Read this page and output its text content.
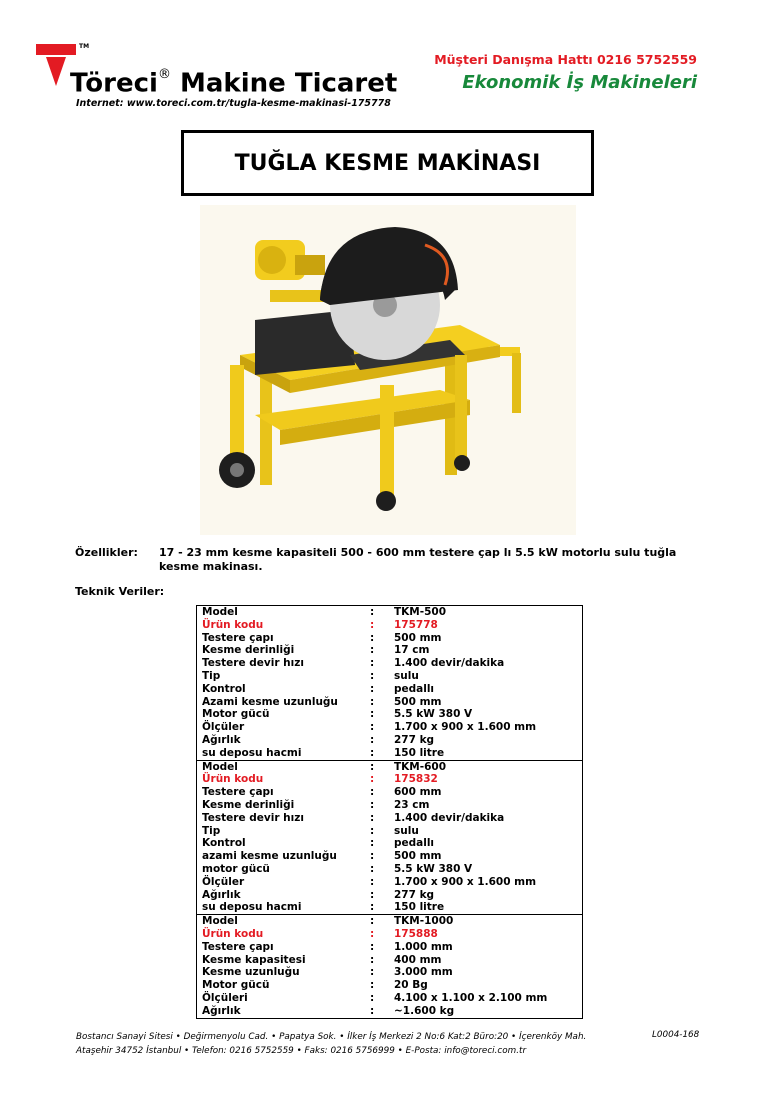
TM
Töreci® Makine Ticaret
Internet: www.toreci.com.tr/tugla-kesme-makinasi-175778
Müşteri Danışma Hattı 0216 5752559
Ekonomik İş Makineleri
TUĞLA KESME MAKİNASI
Özellikler: 17 - 23 mm kesme kapasiteli 500 - 600 mm testere çap lı 5.5 kW motorlu sulu tuğla kesme makinası.
Teknik Veriler:
Model	:	TKM-500
Ürün kodu	:	175778
Testere çapı	:	500 mm
Kesme derinliği	:	17 cm
Testere devir hızı	:	1.400 devir/dakika
Tip	:	sulu
Kontrol	:	pedallı
Azami kesme uzunluğu	:	500 mm
Motor gücü	:	5.5 kW 380 V
Ölçüler	:	1.700 x 900 x 1.600 mm
Ağırlık	:	277 kg
su deposu hacmi	:	150 litre
Model	:	TKM-600
Ürün kodu	:	175832
Testere çapı	:	600 mm
Kesme derinliği	:	23 cm
Testere devir hızı	:	1.400 devir/dakika
Tip	:	sulu
Kontrol	:	pedallı
azami kesme uzunluğu	:	500 mm
motor gücü	:	5.5 kW 380 V
Ölçüler	:	1.700 x 900 x 1.600 mm
Ağırlık	:	277 kg
su deposu hacmi	:	150 litre
Model	:	TKM-1000
Ürün kodu	:	175888
Testere çapı	:	1.000 mm
Kesme kapasitesi	:	400 mm
Kesme uzunluğu	:	3.000 mm
Motor gücü	:	20 Bg
Ölçüleri	:	4.100 x 1.100 x 2.100 mm
Ağırlık	:	~1.600 kg
Bostancı Sanayi Sitesi • Değirmenyolu Cad. • Papatya Sok. • İlker İş Merkezi 2 No:6 Kat:2 Büro:20 • İçerenköy Mah.
Ataşehir 34752 İstanbul • Telefon: 0216 5752559 • Faks: 0216 5756999 • E-Posta: info@toreci.com.tr
L0004-168
